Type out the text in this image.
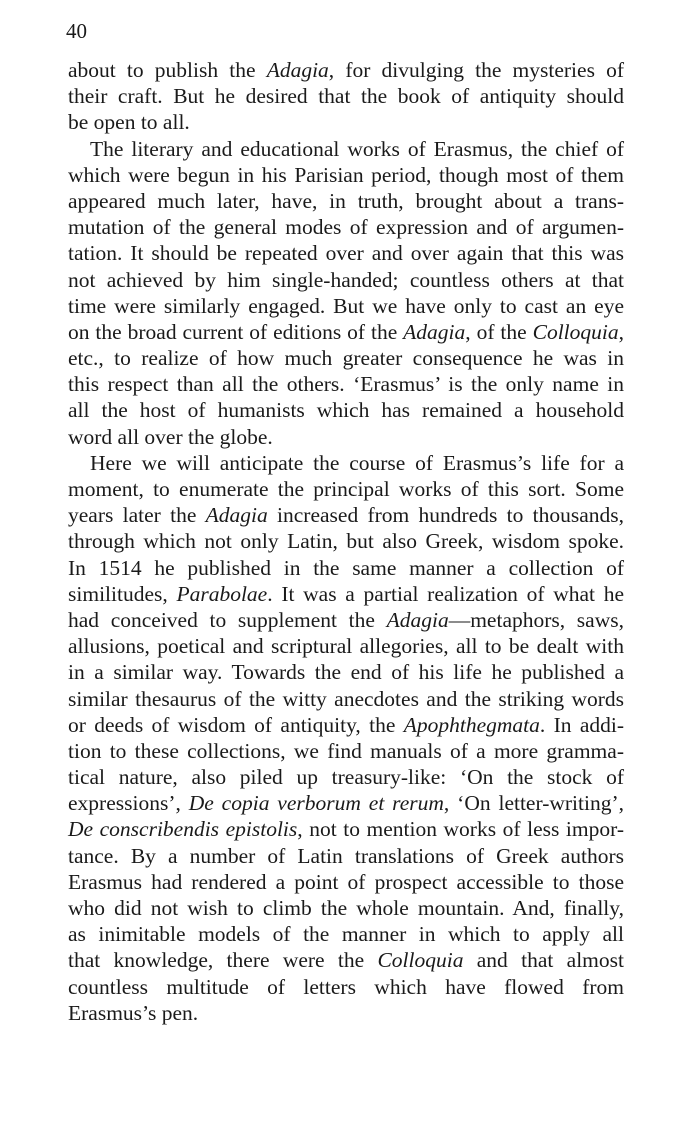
40
about to publish the Adagia, for divulging the mysteries of
their craft. But he desired that the book of antiquity should
be open to all.
The literary and educational works of Erasmus, the chief of
which were begun in his Parisian period, though most of them
appeared much later, have, in truth, brought about a trans-
mutation of the general modes of expression and of argumen-
tation. It should be repeated over and over again that this was
not achieved by him single-handed; countless others at that
time were similarly engaged. But we have only to cast an eye
on the broad current of editions of the Adagia, of the Colloquia,
etc., to realize of how much greater consequence he was in
this respect than all the others. ‘Erasmus’ is the only name in
all the host of humanists which has remained a household
word all over the globe.
Here we will anticipate the course of Erasmus’s life for a
moment, to enumerate the principal works of this sort. Some
years later the Adagia increased from hundreds to thousands,
through which not only Latin, but also Greek, wisdom spoke.
In 1514 he published in the same manner a collection of
similitudes, Parabolae. It was a partial realization of what he
had conceived to supplement the Adagia—metaphors, saws,
allusions, poetical and scriptural allegories, all to be dealt with
in a similar way. Towards the end of his life he published a
similar thesaurus of the witty anecdotes and the striking words
or deeds of wisdom of antiquity, the Apophthegmata. In addi-
tion to these collections, we find manuals of a more gramma-
tical nature, also piled up treasury-like: ‘On the stock of
expressions’, De copia verborum et rerum, ‘On letter-writing’,
De conscribendis epistolis, not to mention works of less impor-
tance. By a number of Latin translations of Greek authors
Erasmus had rendered a point of prospect accessible to those
who did not wish to climb the whole mountain. And, finally,
as inimitable models of the manner in which to apply all
that knowledge, there were the Colloquia and that almost
countless multitude of letters which have flowed from
Erasmus’s pen.
